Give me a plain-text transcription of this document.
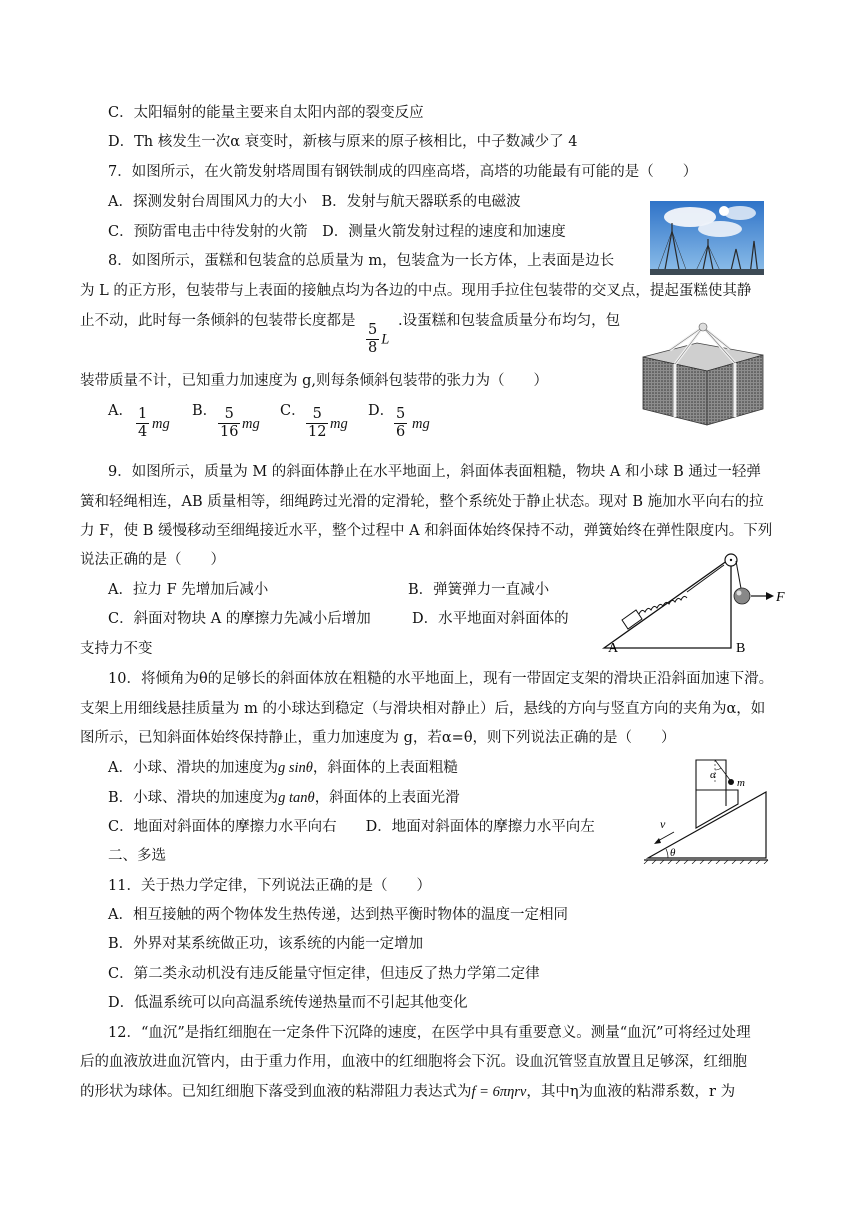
C．太阳辐射的能量主要来自太阳内部的裂变反应
D．Th 核发生一次α 衰变时，新核与原来的原子核相比，中子数减少了 4
7．如图所示，在火箭发射塔周围有钢铁制成的四座高塔，高塔的功能最有可能的是（　　）
A．探测发射台周围风力的大小　B．发射与航天器联系的电磁波
C．预防雷电击中待发射的火箭　D．测量火箭发射过程的速度和加速度
8．如图所示，蛋糕和包装盒的总质量为 m，包装盒为一长方体，上表面是边长
为 L 的正方形，包装带与上表面的接触点均为各边的中点。现用手拉住包装带的交叉点，提起蛋糕使其静
止不动，此时每一条倾斜的包装带长度都是
$\frac{5}{8}$ L
.设蛋糕和包装盒质量分布均匀，包
装带质量不计，已知重力加速度为 g,则每条倾斜包装带的张力为（　　）
A． $\frac{1}{4}$ mg
B． $\frac{5}{16}$ mg
C． $\frac{5}{12}$ mg
D． $\frac{5}{6}$ mg
9．如图所示，质量为 M 的斜面体静止在水平地面上，斜面体表面粗糙，物块 A 和小球 B 通过一轻弹
簧和轻绳相连，AB 质量相等，细绳跨过光滑的定滑轮，整个系统处于静止状态。现对 B 施加水平向右的拉
力 F，使 B 缓慢移动至细绳接近水平，整个过程中 A 和斜面体始终保持不动，弹簧始终在弹性限度内。下列
说法正确的是（　　）
A．拉力 F 先增加后减小	B．弹簧弹力一直减小
C．斜面对物块 A 的摩擦力先减小后增加	D．水平地面对斜面体的
支持力不变
10．将倾角为θ的足够长的斜面体放在粗糙的水平地面上，现有一带固定支架的滑块正沿斜面加速下滑。
支架上用细线悬挂质量为 m 的小球达到稳定（与滑块相对静止）后，悬线的方向与竖直方向的夹角为α，如
图所示，已知斜面体始终保持静止，重力加速度为 g，若α=θ，则下列说法正确的是（　　）
A．小球、滑块的加速度为g sinθ，斜面体的上表面粗糙
B．小球、滑块的加速度为g tanθ，斜面体的上表面光滑
C．地面对斜面体的摩擦力水平向右　　D．地面对斜面体的摩擦力水平向左
二、多选
11．关于热力学定律，下列说法正确的是（　　）
A．相互接触的两个物体发生热传递，达到热平衡时物体的温度一定相同
B．外界对某系统做正功，该系统的内能一定增加
C．第二类永动机没有违反能量守恒定律，但违反了热力学第二定律
D．低温系统可以向高温系统传递热量而不引起其他变化
12．“血沉”是指红细胞在一定条件下沉降的速度，在医学中具有重要意义。测量“血沉”可将经过处理
后的血液放进血沉管内，由于重力作用，血液中的红细胞将会下沉。设血沉管竖直放置且足够深，红细胞
的形状为球体。已知红细胞下落受到血液的粘滞阻力表达式为f = 6πηrv，其中η为血液的粘滞系数，r 为
F
A	B
α
m
v
θ
